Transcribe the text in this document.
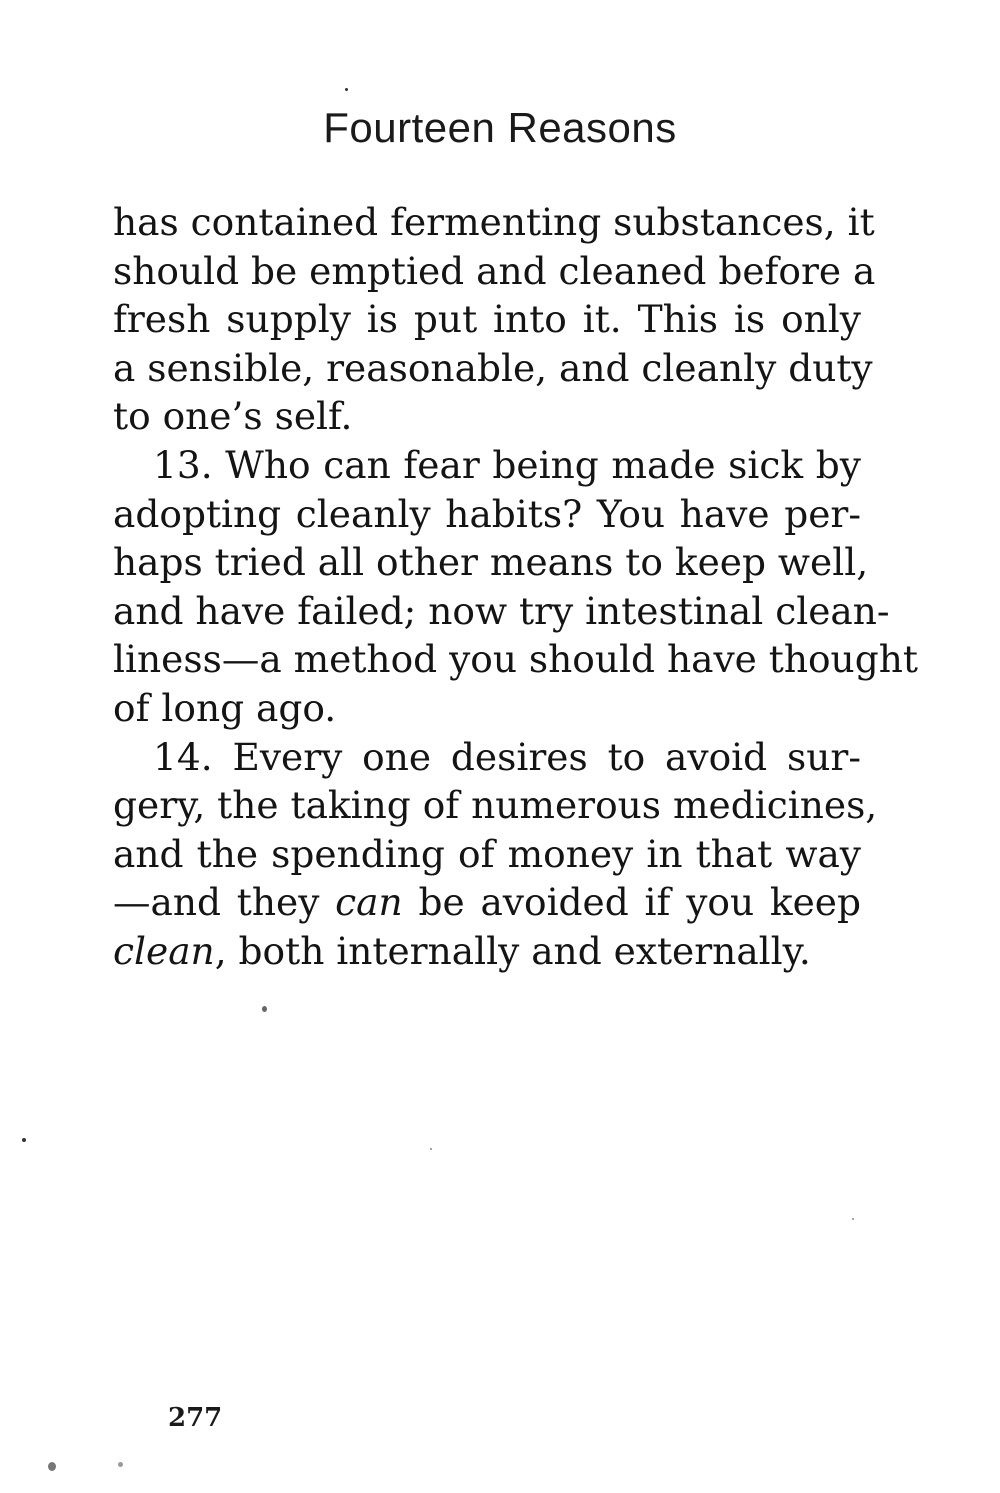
Fourteen Reasons
has contained fermenting substances, it
should be emptied and cleaned before a
fresh supply is put into it. This is only
a sensible, reasonable, and cleanly duty
to one’s self.
13. Who can fear being made sick by
adopting cleanly habits? You have per-
haps tried all other means to keep well,
and have failed; now try intestinal clean-
liness—a method you should have thought
of long ago.
14. Every one desires to avoid sur-
gery, the taking of numerous medicines,
and the spending of money in that way
—and they can be avoided if you keep
clean, both internally and externally.
277
